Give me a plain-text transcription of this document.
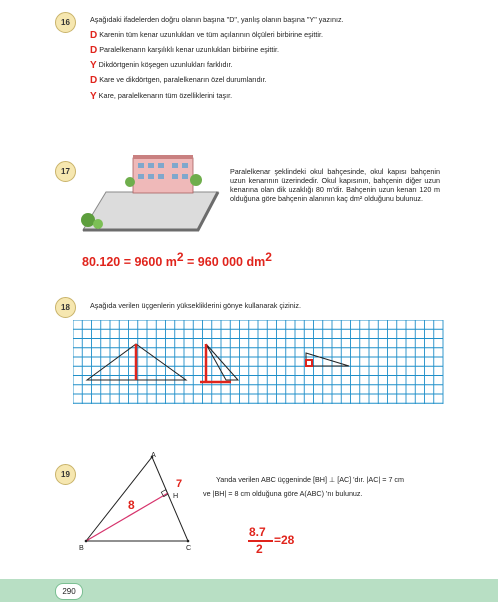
16	Aşağıdaki ifadelerden doğru olanın başına "D", yanlış olanın başına "Y" yazınız.
D Karenin tüm kenar uzunlukları ve tüm açılarının ölçüleri birbirine eşittir.
D Paralelkenarın karşılıklı kenar uzunlukları birbirine eşittir.
Y Dikdörtgenin köşegen uzunlukları farklıdır.
D Kare ve dikdörtgen, paralelkenarın özel durumlarıdır.
Y Kare, paralelkenarın tüm özelliklerini taşır.
17	Paralelkenar şeklindeki okul bahçesinde, okul kapısı bahçenin uzun kenarının üzerindedir. Okul kapısının, bahçenin diğer uzun kenarına olan dik uzaklığı 80 m'dir. Bahçenin uzun kenarı 120 m olduğuna göre bahçenin alanının kaç dm² olduğunu bulunuz.
80.120 = 9600 $m^2 = 960$ 000 $dm^2$
18	Aşağıda verilen üçgenlerin yüksekliklerini gönye kullanarak çiziniz.
19
A
B	C
H
7
8
Yanda verilen ABC üçgeninde [BH] ⊥ [AC] 'dır. |AC| = 7 cm
ve |BH| = 8 cm olduğuna göre A(ABC) 'nı bulunuz.
8.7
2
=28
290
